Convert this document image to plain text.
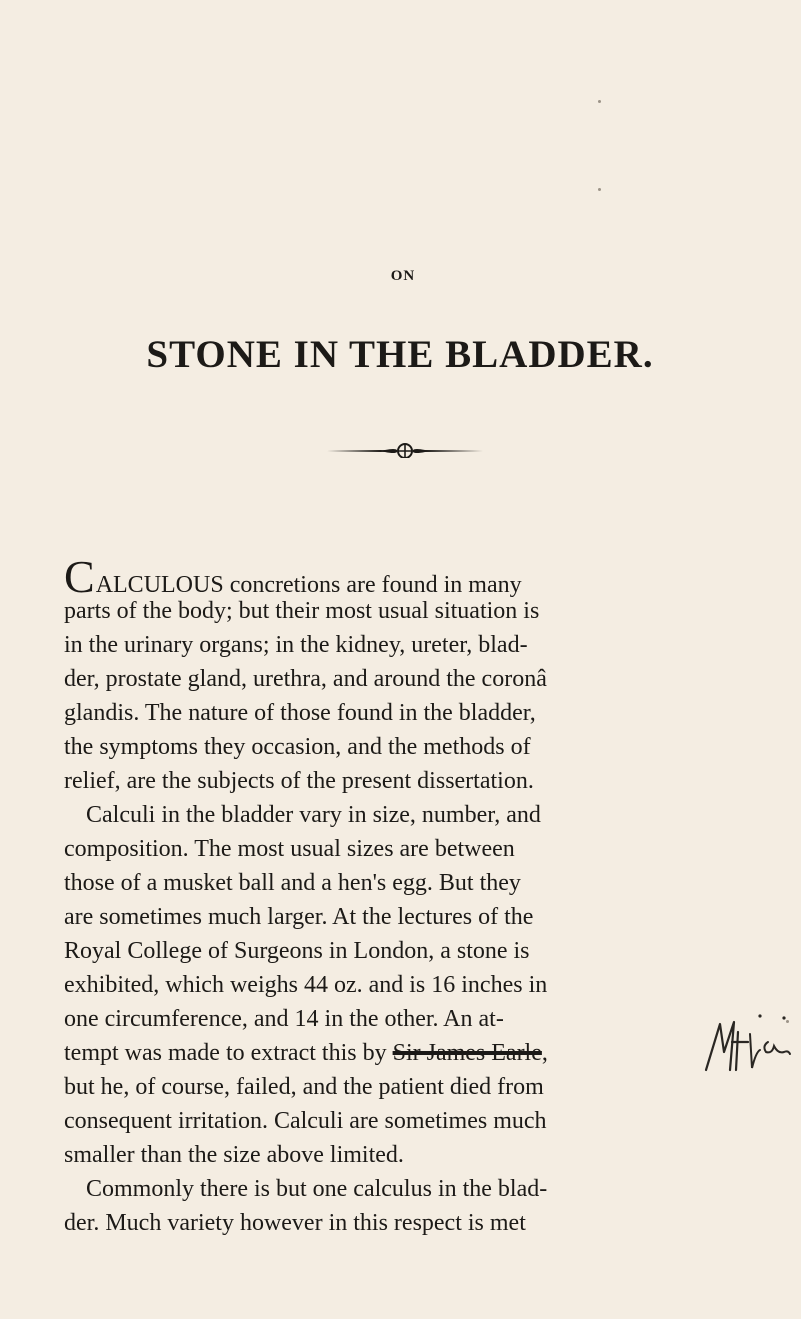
ON
STONE IN THE BLADDER.
CALCULOUS concretions are found in many
parts of the body; but their most usual situation is
in the urinary organs; in the kidney, ureter, blad-
der, prostate gland, urethra, and around the coronâ
glandis. The nature of those found in the bladder,
the symptoms they occasion, and the methods of
relief, are the subjects of the present dissertation.
Calculi in the bladder vary in size, number, and
composition. The most usual sizes are between
those of a musket ball and a hen's egg. But they
are sometimes much larger. At the lectures of the
Royal College of Surgeons in London, a stone is
exhibited, which weighs 44 oz. and is 16 inches in
one circumference, and 14 in the other. An at-
tempt was made to extract this by Sir James Earle,
but he, of course, failed, and the patient died from
consequent irritation. Calculi are sometimes much
smaller than the size above limited.
Commonly there is but one calculus in the blad-
der. Much variety however in this respect is met
